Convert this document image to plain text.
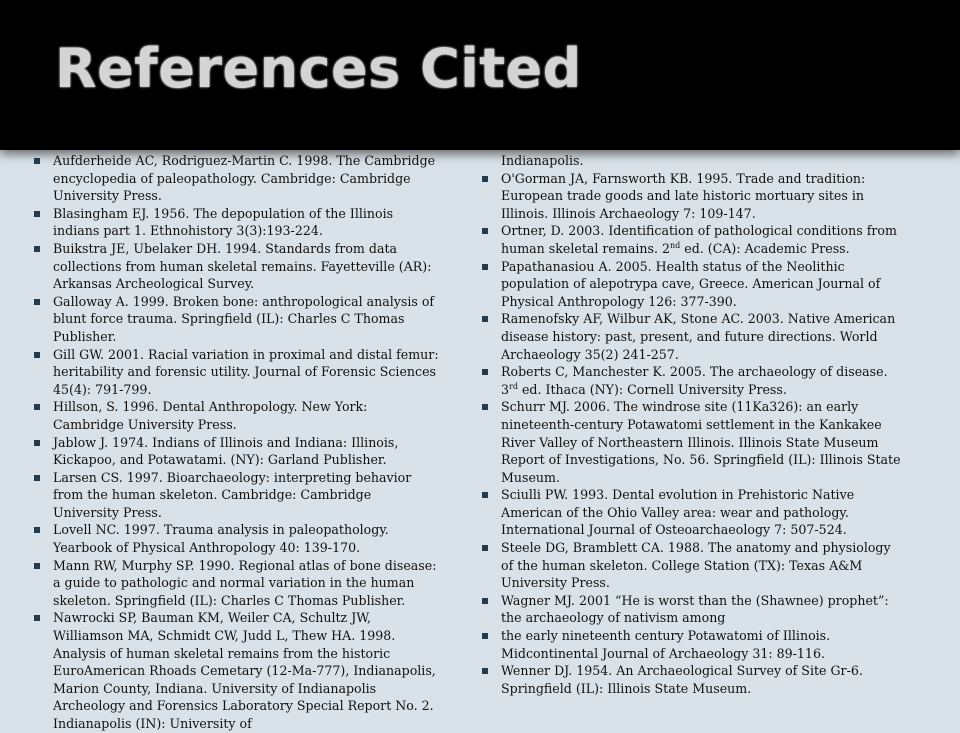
References Cited
Aufderheide AC, Rodriguez-Martin C. 1998. The Cambridge encyclopedia of paleopathology. Cambridge: Cambridge University Press.
Blasingham EJ. 1956. The depopulation of the Illinois indians part 1. Ethnohistory 3(3):193-224.
Buikstra JE, Ubelaker DH. 1994. Standards from data collections from human skeletal remains. Fayetteville (AR): Arkansas Archeological Survey.
Galloway A. 1999. Broken bone: anthropological analysis of blunt force trauma. Springfield (IL): Charles C Thomas Publisher.
Gill GW. 2001. Racial variation in proximal and distal femur: heritability and forensic utility. Journal of Forensic Sciences 45(4): 791-799.
Hillson, S. 1996. Dental Anthropology. New York: Cambridge University Press.
Jablow J. 1974. Indians of Illinois and Indiana: Illinois, Kickapoo, and Potawatami. (NY): Garland Publisher.
Larsen CS. 1997. Bioarchaeology: interpreting behavior from the human skeleton. Cambridge: Cambridge University Press.
Lovell NC. 1997. Trauma analysis in paleopathology. Yearbook of Physical Anthropology 40: 139-170.
Mann RW, Murphy SP. 1990. Regional atlas of bone disease: a guide to pathologic and normal variation in the human skeleton. Springfield (IL): Charles C Thomas Publisher.
Nawrocki SP, Bauman KM, Weiler CA, Schultz JW, Williamson MA, Schmidt CW, Judd L, Thew HA. 1998. Analysis of human skeletal remains from the historic EuroAmerican Rhoads Cemetary (12-Ma-777), Indianapolis, Marion County, Indiana. University of Indianapolis Archeology and Forensics Laboratory Special Report No. 2. Indianapolis (IN): University of
Indianapolis.
O'Gorman JA, Farnsworth KB. 1995. Trade and tradition: European trade goods and late historic mortuary sites in Illinois. Illinois Archaeology 7: 109-147.
Ortner, D. 2003. Identification of pathological conditions from human skeletal remains. 2nd ed. (CA): Academic Press.
Papathanasiou A. 2005. Health status of the Neolithic population of alepotrypa cave, Greece. American Journal of Physical Anthropology 126: 377-390.
Ramenofsky AF, Wilbur AK, Stone AC. 2003. Native American disease history: past, present, and future directions. World Archaeology 35(2) 241-257.
Roberts C, Manchester K. 2005. The archaeology of disease. 3rd ed. Ithaca (NY): Cornell University Press.
Schurr MJ. 2006. The windrose site (11Ka326): an early nineteenth-century Potawatomi settlement in the Kankakee River Valley of Northeastern Illinois. Illinois State Museum Report of Investigations, No. 56. Springfield (IL): Illinois State Museum.
Sciulli PW. 1993. Dental evolution in Prehistoric Native American of the Ohio Valley area: wear and pathology. International Journal of Osteoarchaeology 7: 507-524.
Steele DG, Bramblett CA. 1988. The anatomy and physiology of the human skeleton. College Station (TX): Texas A&M University Press.
Wagner MJ. 2001 “He is worst than the (Shawnee) prophet”: the archaeology of nativism among
the early nineteenth century Potawatomi of Illinois. Midcontinental Journal of Archaeology 31: 89-116.
Wenner DJ. 1954. An Archaeological Survey of Site Gr-6. Springfield (IL): Illinois State Museum.
